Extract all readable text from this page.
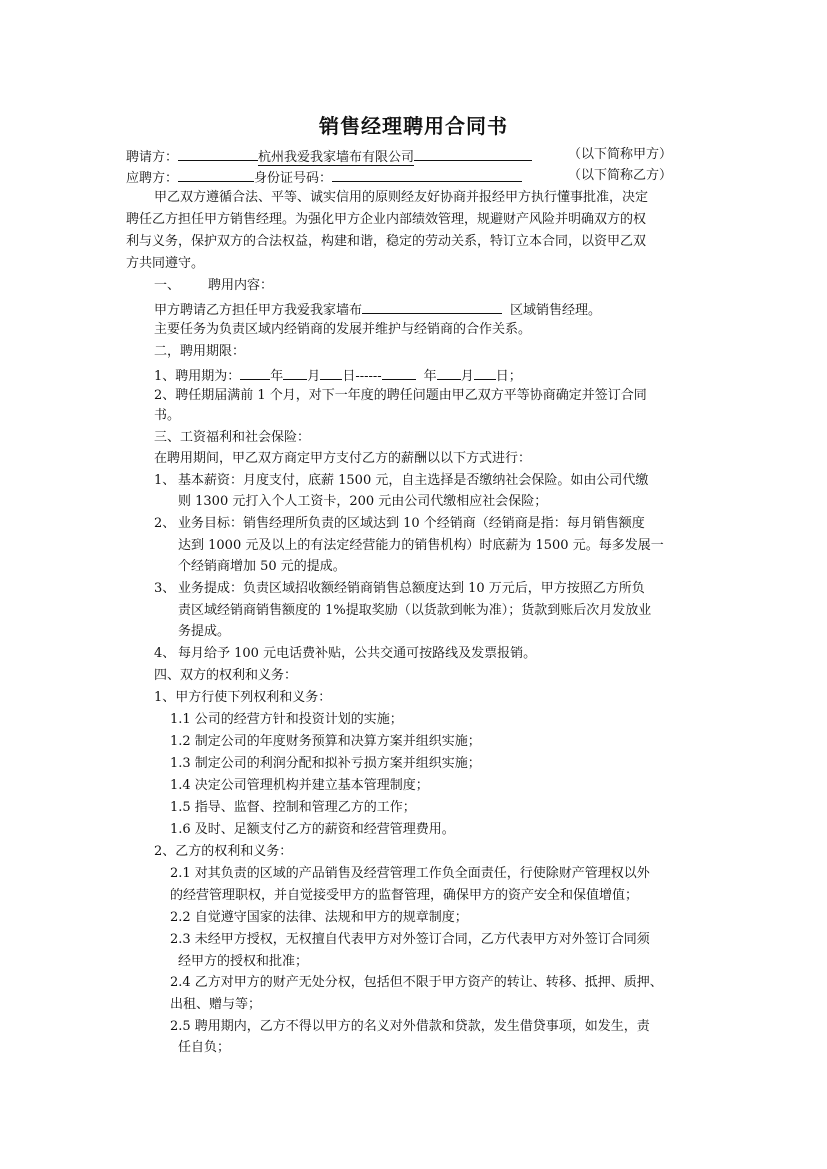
销售经理聘用合同书
聘请方：	杭州我爱我家墙布有限公司	（以下简称甲方）
应聘方：	身份证号码：	（以下简称乙方）
甲乙双方遵循合法、平等、诚实信用的原则经友好协商并报经甲方执行懂事批准，决定
聘任乙方担任甲方销售经理。为强化甲方企业内部绩效管理，规避财产风险并明确双方的权
利与义务，保护双方的合法权益，构建和谐，稳定的劳动关系，特订立本合同，以资甲乙双
方共同遵守。
一、 聘用内容：
甲方聘请乙方担任甲方我爱我家墙布	区域销售经理。
主要任务为负责区域内经销商的发展并维护与经销商的合作关系。
二，聘用期限：
1、聘用期为： 年 月 日------	年 月 日；
2、聘任期届满前 1 个月，对下一年度的聘任问题由甲乙双方平等协商确定并签订合同
书。
三、工资福利和社会保险：
在聘用期间，甲乙双方商定甲方支付乙方的薪酬以以下方式进行：
1、 基本薪资：月度支付，底薪 1500 元，自主选择是否缴纳社会保险。如由公司代缴
则 1300 元打入个人工资卡，200 元由公司代缴相应社会保险；
2、 业务目标：销售经理所负责的区域达到 10 个经销商（经销商是指：每月销售额度
达到 1000 元及以上的有法定经营能力的销售机构）时底薪为 1500 元。每多发展一
个经销商增加 50 元的提成。
3、 业务提成：负责区域招收额经销商销售总额度达到 10 万元后，甲方按照乙方所负
责区域经销商销售额度的 1%提取奖励（以货款到帐为准）；货款到账后次月发放业
务提成。
4、 每月给予 100 元电话费补贴，公共交通可按路线及发票报销。
四、双方的权利和义务：
1、甲方行使下列权利和义务：
1.1 公司的经营方针和投资计划的实施；
1.2 制定公司的年度财务预算和决算方案并组织实施；
1.3 制定公司的利润分配和拟补亏损方案并组织实施；
1.4 决定公司管理机构并建立基本管理制度；
1.5 指导、监督、控制和管理乙方的工作；
1.6 及时、足额支付乙方的薪资和经营管理费用。
2、乙方的权利和义务：
2.1 对其负责的区域的产品销售及经营管理工作负全面责任，行使除财产管理权以外
的经营管理职权，并自觉接受甲方的监督管理，确保甲方的资产安全和保值增值；
2.2 自觉遵守国家的法律、法规和甲方的规章制度；
2.3 未经甲方授权，无权擅自代表甲方对外签订合同，乙方代表甲方对外签订合同须
经甲方的授权和批准；
2.4 乙方对甲方的财产无处分权，包括但不限于甲方资产的转让、转移、抵押、质押、
出租、赠与等；
2.5 聘用期内，乙方不得以甲方的名义对外借款和贷款，发生借贷事项，如发生，责
任自负；
